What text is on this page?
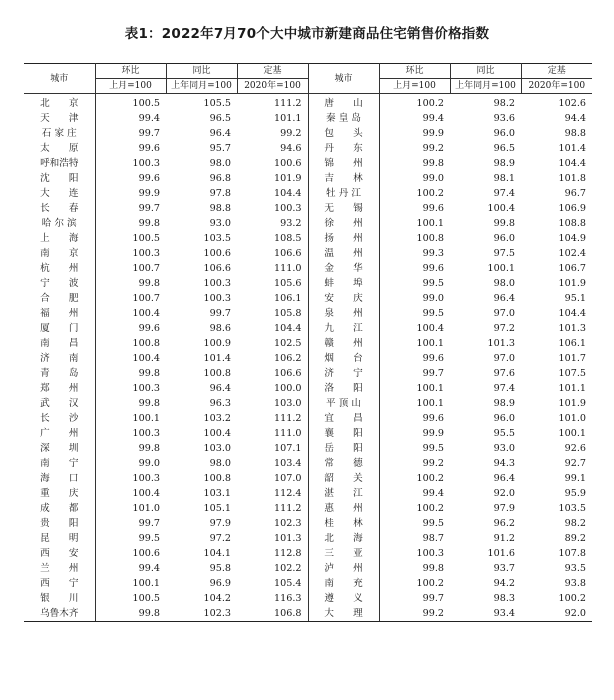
表1：2022年7月70个大中城市新建商品住宅销售价格指数
城市	环比	同比	定基	城市	环比	同比	定基
	上月=100	上年同月=100	2020年=100		上月=100	上年同月=100	2020年=100
北　　京	100.5	105.5	111.2	唐　　山	100.2	98.2	102.6
天　　津	99.4	96.5	101.1	秦 皇 岛	99.4	93.6	94.4
石 家 庄	99.7	96.4	99.2	包　　头	99.9	96.0	98.8
太　　原	99.6	95.7	94.6	丹　　东	99.2	96.5	101.4
呼和浩特	100.3	98.0	100.6	锦　　州	99.8	98.9	104.4
沈　　阳	99.6	96.8	101.9	吉　　林	99.0	98.1	101.8
大　　连	99.9	97.8	104.4	牡 丹 江	100.2	97.4	96.7
长　　春	99.7	98.8	100.3	无　　锡	99.6	100.4	106.9
哈 尔 滨	99.8	93.0	93.2	徐　　州	100.1	99.8	108.8
上　　海	100.5	103.5	108.5	扬　　州	100.8	96.0	104.9
南　　京	100.3	100.6	106.6	温　　州	99.3	97.5	102.4
杭　　州	100.7	106.6	111.0	金　　华	99.6	100.1	106.7
宁　　波	99.8	100.3	105.6	蚌　　埠	99.5	98.0	101.9
合　　肥	100.7	100.3	106.1	安　　庆	99.0	96.4	95.1
福　　州	100.4	99.7	105.8	泉　　州	99.5	97.0	104.4
厦　　门	99.6	98.6	104.4	九　　江	100.4	97.2	101.3
南　　昌	100.8	100.9	102.5	赣　　州	100.1	101.3	106.1
济　　南	100.4	101.4	106.2	烟　　台	99.6	97.0	101.7
青　　岛	99.8	100.8	106.6	济　　宁	99.7	97.6	107.5
郑　　州	100.3	96.4	100.0	洛　　阳	100.1	97.4	101.1
武　　汉	99.8	96.3	103.0	平 顶 山	100.1	98.9	101.9
长　　沙	100.1	103.2	111.2	宜　　昌	99.6	96.0	101.0
广　　州	100.3	100.4	111.0	襄　　阳	99.9	95.5	100.1
深　　圳	99.8	103.0	107.1	岳　　阳	99.5	93.0	92.6
南　　宁	99.0	98.0	103.4	常　　德	99.2	94.3	92.7
海　　口	100.3	100.8	107.0	韶　　关	100.2	96.4	99.1
重　　庆	100.4	103.1	112.4	湛　　江	99.4	92.0	95.9
成　　都	101.0	105.1	111.2	惠　　州	100.2	97.9	103.5
贵　　阳	99.7	97.9	102.3	桂　　林	99.5	96.2	98.2
昆　　明	99.5	97.2	101.3	北　　海	98.7	91.2	89.2
西　　安	100.6	104.1	112.8	三　　亚	100.3	101.6	107.8
兰　　州	99.4	95.8	102.2	泸　　州	99.8	93.7	93.5
西　　宁	100.1	96.9	105.4	南　　充	100.2	94.2	93.8
银　　川	100.5	104.2	116.3	遵　　义	99.7	98.3	100.2
乌鲁木齐	99.8	102.3	106.8	大　　理	99.2	93.4	92.0
